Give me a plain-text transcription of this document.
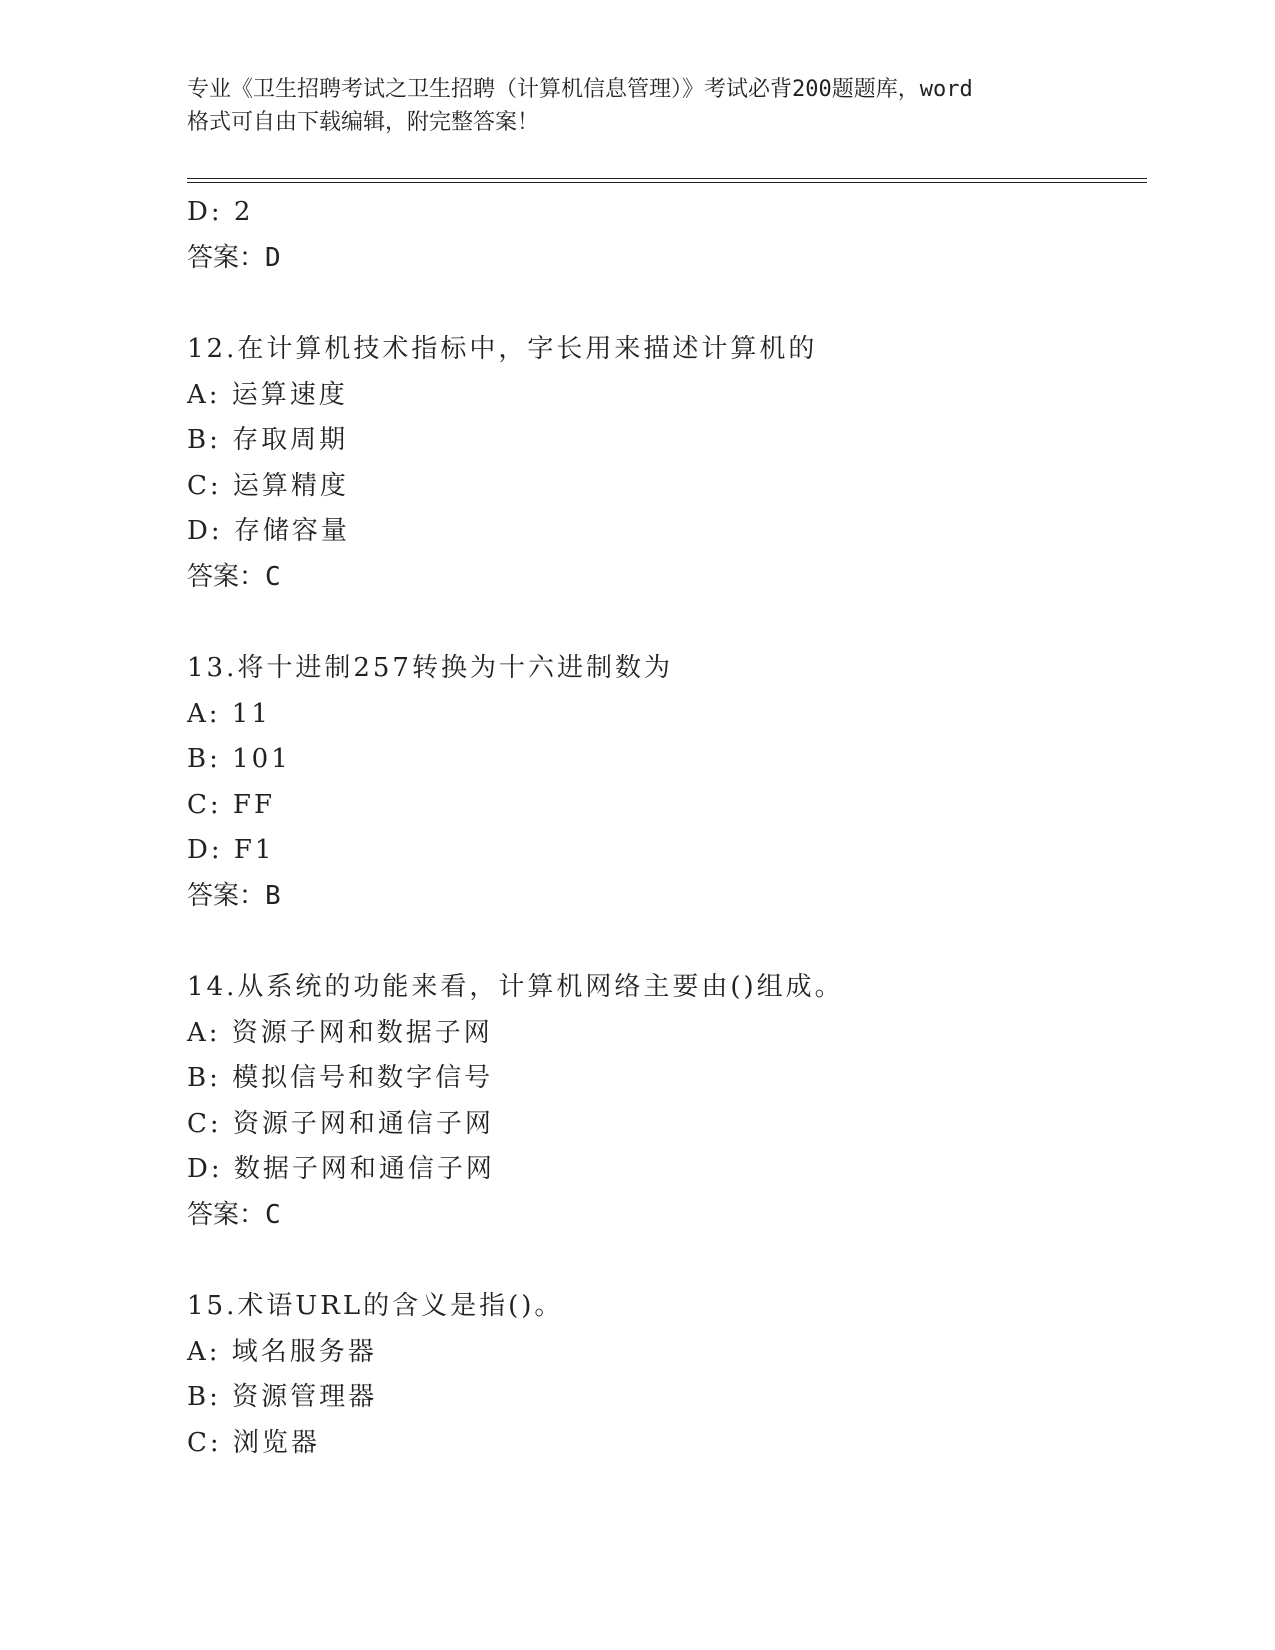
专业《卫生招聘考试之卫生招聘（计算机信息管理）》考试必背200题题库，word
格式可自由下载编辑，附完整答案！
D: 2
答案：D
12.在计算机技术指标中，字长用来描述计算机的
A: 运算速度
B: 存取周期
C: 运算精度
D: 存储容量
答案：C
13.将十进制257转换为十六进制数为
A: 11
B: 101
C: FF
D: F1
答案：B
14.从系统的功能来看，计算机网络主要由()组成。
A: 资源子网和数据子网
B: 模拟信号和数字信号
C: 资源子网和通信子网
D: 数据子网和通信子网
答案：C
15.术语URL的含义是指()。
A: 域名服务器
B: 资源管理器
C: 浏览器
